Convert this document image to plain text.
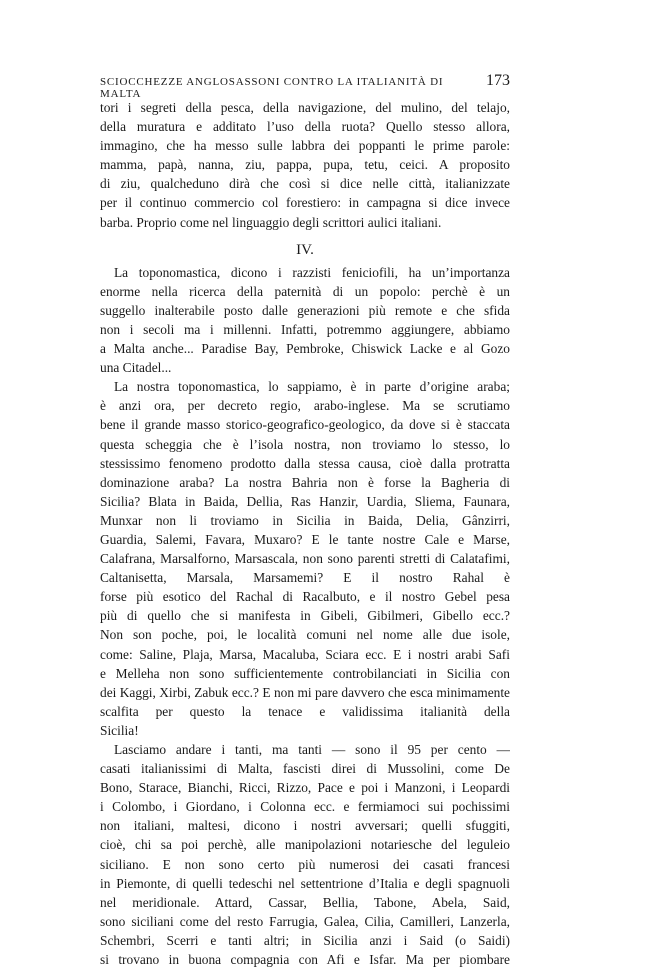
SCIOCCHEZZE ANGLOSASSONI CONTRO LA ITALIANITÀ DI MALTA
173
tori i segreti della pesca, della navigazione, del mulino, del telajo,
della muratura e additato l’uso della ruota? Quello stesso allora,
immagino, che ha messo sulle labbra dei poppanti le prime parole:
mamma, papà, nanna, ziu, pappa, pupa, tetu, ceici. A proposito
di ziu, qualcheduno dirà che così si dice nelle città, italianizzate
per il continuo commercio col forestiero: in campagna si dice invece
barba. Proprio come nel linguaggio degli scrittori aulici italiani.
IV.
La toponomastica, dicono i razzisti feniciofili, ha un’importanza
enorme nella ricerca della paternità di un popolo: perchè è un
suggello inalterabile posto dalle generazioni più remote e che sfida
non i secoli ma i millenni. Infatti, potremmo aggiungere, abbiamo
a Malta anche... Paradise Bay, Pembroke, Chiswick Lacke e al Gozo
una Citadel...
La nostra toponomastica, lo sappiamo, è in parte d’origine araba;
è anzi ora, per decreto regio, arabo-inglese. Ma se scrutiamo
bene il grande masso storico-geografico-geologico, da dove si è staccata
questa scheggia che è l’isola nostra, non troviamo lo stesso, lo
stessissimo fenomeno prodotto dalla stessa causa, cioè dalla protratta
dominazione araba? La nostra Bahria non è forse la Bagheria di
Sicilia? Blata in Baida, Dellia, Ras Hanzir, Uardia, Sliema, Faunara,
Munxar non li troviamo in Sicilia in Baida, Delia, Gânzirri,
Guardia, Salemi, Favara, Muxaro? E le tante nostre Cale e Marse,
Calafrana, Marsalforno, Marsascala, non sono parenti stretti di Calatafimi,
Caltanisetta, Marsala, Marsamemi? E il nostro Rahal è
forse più esotico del Rachal di Racalbuto, e il nostro Gebel pesa
più di quello che si manifesta in Gibeli, Gibilmeri, Gibello ecc.?
Non son poche, poi, le località comuni nel nome alle due isole,
come: Saline, Plaja, Marsa, Macaluba, Sciara ecc. E i nostri arabi Safi
e Melleha non sono sufficientemente controbilanciati in Sicilia con
dei Kaggi, Xirbi, Zabuk ecc.? E non mi pare davvero che esca minimamente
scalfita per questo la tenace e validissima italianità della
Sicilia!
Lasciamo andare i tanti, ma tanti — sono il 95 per cento —
casati italianissimi di Malta, fascisti direi di Mussolini, come De
Bono, Starace, Bianchi, Ricci, Rizzo, Pace e poi i Manzoni, i Leopardi
i Colombo, i Giordano, i Colonna ecc. e fermiamoci sui pochissimi
non italiani, maltesi, dicono i nostri avversari; quelli sfuggiti,
cioè, chi sa poi perchè, alle manipolazioni notariesche del leguleio
siciliano. E non sono certo più numerosi dei casati francesi
in Piemonte, di quelli tedeschi nel settentrione d’Italia e degli spagnuoli
nel meridionale. Attard, Cassar, Bellia, Tabone, Abela, Said,
sono siciliani come del resto Farrugia, Galea, Cilia, Camilleri, Lanzerla,
Schembri, Scerri e tanti altri; in Sicilia anzi i Said (o Saidi)
si trovano in buona compagnia con Afi e Isfar. Ma per piombare
